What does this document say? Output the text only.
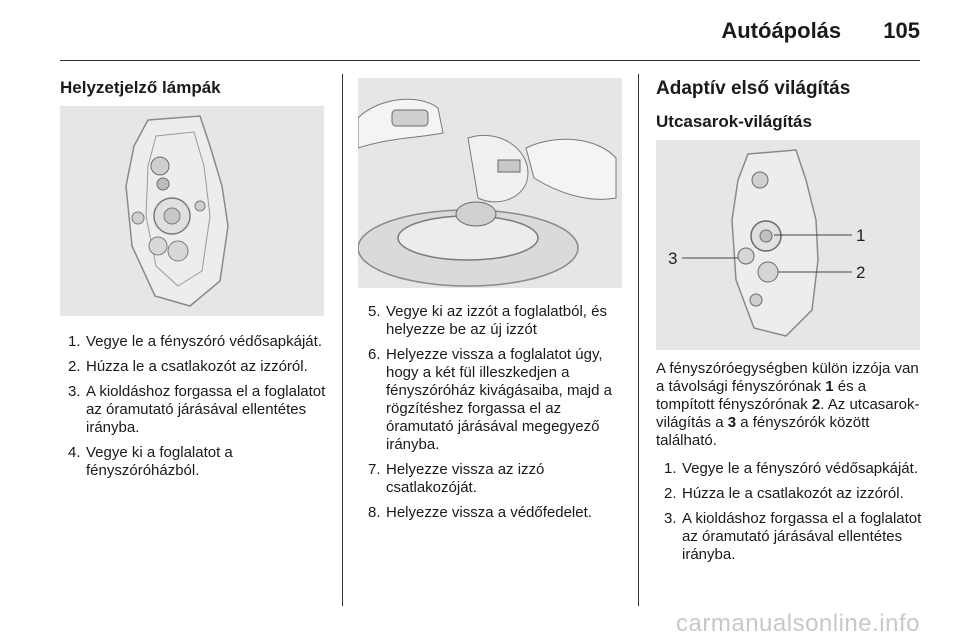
Autóápolás 105
Helyzetjelző lámpák
1. Vegye le a fényszóró védősapkáját.
2. Húzza le a csatlakozót az izzóról.
3. A kioldáshoz forgassa el a foglalatot az óramutató járásával ellentétes irányba.
4. Vegye ki a foglalatot a fényszóróházból.
5. Vegye ki az izzót a foglalatból, és helyezze be az új izzót
6. Helyezze vissza a foglalatot úgy, hogy a két fül illeszkedjen a fényszóróház kivágásaiba, majd a rögzítéshez forgassa el az óramutató járásával megegyező irányba.
7. Helyezze vissza az izzó csatlakozóját.
8. Helyezze vissza a védőfedelet.
Adaptív első világítás
Utcasarok-világítás
1
2
3

A fényszóróegységben külön izzója van a távolsági fényszórónak 1 és a tompított fényszórónak 2. Az utcasarok-világítás a 3 a fényszórók között található.

1. Vegye le a fényszóró védősapkáját.
2. Húzza le a csatlakozót az izzóról.
3. A kioldáshoz forgassa el a foglalatot az óramutató járásával ellentétes irányba.
carmanualsonline.info
